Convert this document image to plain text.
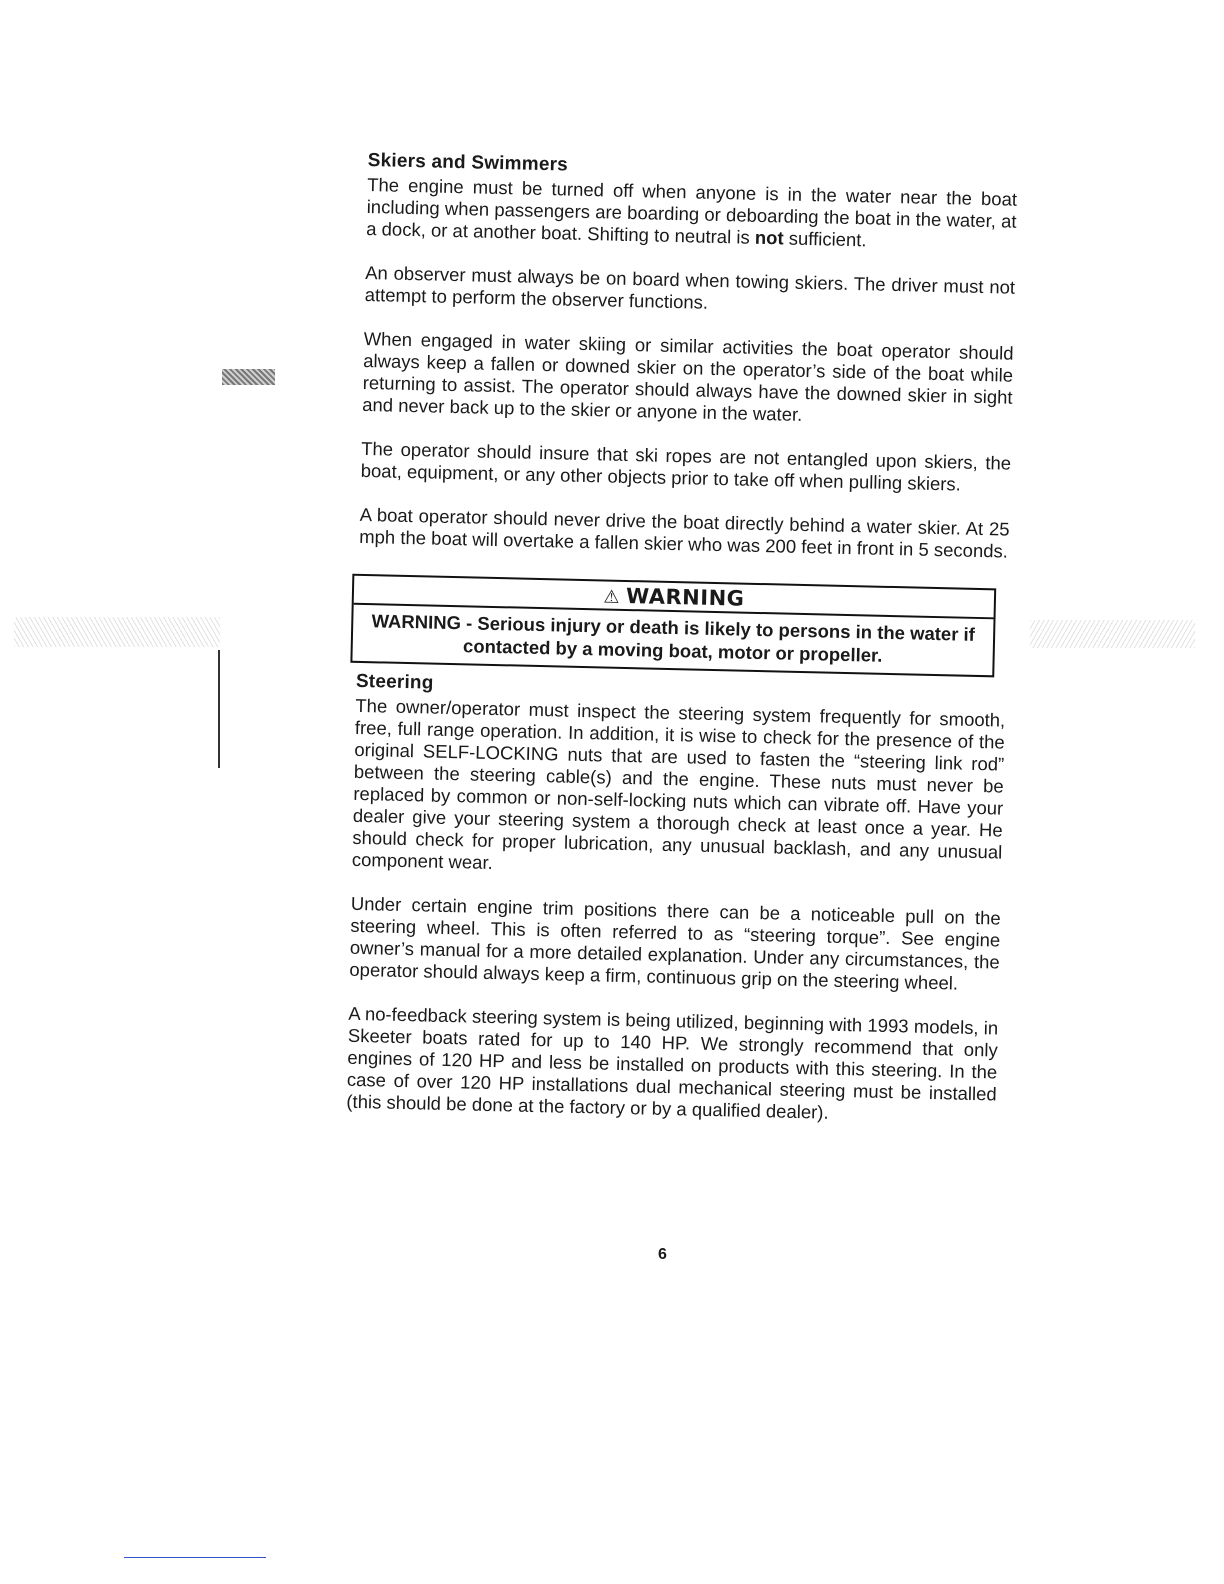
Skiers and Swimmers

The engine must be turned off when anyone is in the water near the boat including when passengers are boarding or deboarding the boat in the water, at a dock, or at another boat. Shifting to neutral is not sufficient.

An observer must always be on board when towing skiers. The driver must not attempt to perform the observer functions.

When engaged in water skiing or similar activities the boat operator should always keep a fallen or downed skier on the operator’s side of the boat while returning to assist. The operator should always have the downed skier in sight and never back up to the skier or anyone in the water.

The operator should insure that ski ropes are not entangled upon skiers, the boat, equipment, or any other objects prior to take off when pulling skiers.

A boat operator should never drive the boat directly behind a water skier. At 25 mph the boat will overtake a fallen skier who was 200 feet in front in 5 seconds.

⚠ WARNING
WARNING - Serious injury or death is likely to persons in the water if contacted by a moving boat, motor or propeller.
Steering

The owner/operator must inspect the steering system frequently for smooth, free, full range operation. In addition, it is wise to check for the presence of the original SELF-LOCKING nuts that are used to fasten the “steering link rod” between the steering cable(s) and the engine. These nuts must never be replaced by common or non-self-locking nuts which can vibrate off. Have your dealer give your steering system a thorough check at least once a year. He should check for proper lubrication, any unusual backlash, and any unusual component wear.

Under certain engine trim positions there can be a noticeable pull on the steering wheel. This is often referred to as “steering torque”. See engine owner’s manual for a more detailed explanation. Under any circumstances, the operator should always keep a firm, continuous grip on the steering wheel.

A no-feedback steering system is being utilized, beginning with 1993 models, in Skeeter boats rated for up to 140 HP. We strongly recommend that only engines of 120 HP and less be installed on products with this steering. In the case of over 120 HP installations dual mechanical steering must be installed (this should be done at the factory or by a qualified dealer).

6
